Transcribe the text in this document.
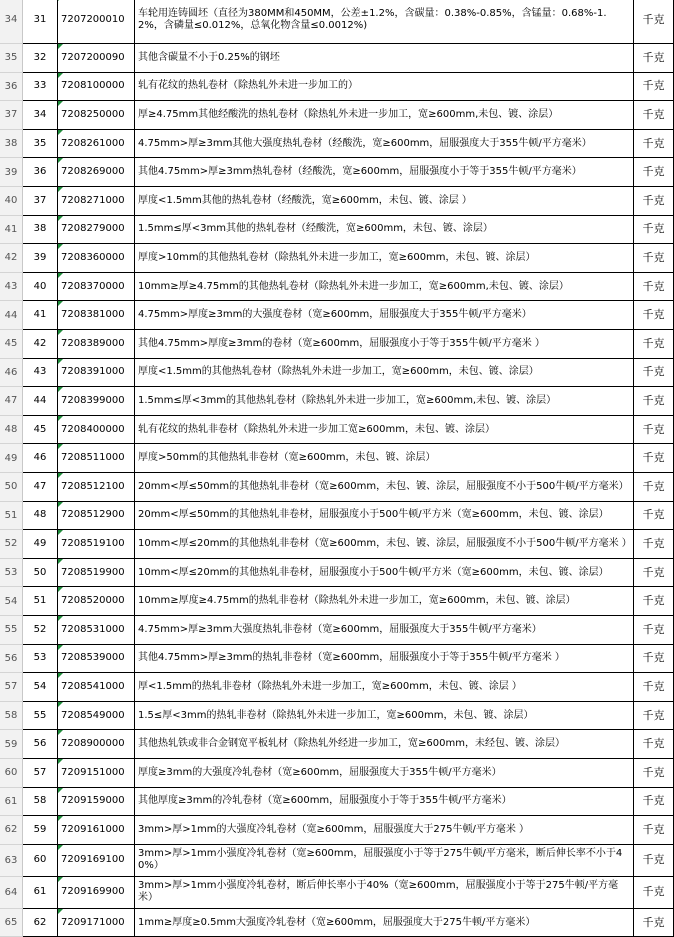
34 31 7207200010
车轮用连铸圆坯（直径为380MM和450MM，公差±1.2%，含碳量：0.38%-0.85%，含锰量：0.68%-1.2%，含磷量≤0.012%，总氧化物含量≤0.0012%)	千克
35 32 7207200090 其他含碳量不小于0.25%的钢坯	千克
36 33 7208100000 轧有花纹的热轧卷材（除热轧外未进一步加工的）	千克
37 34 7208250000 厚≥4.75mm其他经酸洗的热轧卷材（除热轧外未进一步加工，宽≥600mm,未包、镀、涂层）	千克
38 35 7208261000 4.75mm>厚≥3mm其他大强度热轧卷材（经酸洗，宽≥600mm，屈服强度大于355牛顿/平方毫米）	千克
39 36 7208269000 其他4.75mm>厚≥3mm热轧卷材（经酸洗，宽≥600mm，屈服强度小于等于355牛顿/平方毫米）	千克
40 37 7208271000 厚度<1.5mm其他的热轧卷材（经酸洗，宽≥600mm，未包、镀、涂层 ）	千克
41 38 7208279000 1.5mm≤厚<3mm其他的热轧卷材（经酸洗，宽≥600mm，未包、镀、涂层）	千克
42 39 7208360000 厚度>10mm的其他热轧卷材（除热轧外未进一步加工，宽≥600mm，未包、镀、涂层）	千克
43 40 7208370000 10mm≥厚≥4.75mm的其他热轧卷材（除热轧外未进一步加工，宽≥600mm,未包、镀、涂层）	千克
44 41 7208381000 4.75mm>厚度≥3mm的大强度卷材（宽≥600mm，屈服强度大于355牛顿/平方毫米）	千克
45 42 7208389000 其他4.75mm>厚度≥3mm的卷材（宽≥600mm，屈服强度小于等于355牛顿/平方毫米 ）	千克
46 43 7208391000 厚度<1.5mm的其他热轧卷材（除热轧外未进一步加工，宽≥600mm，未包、镀、涂层）	千克
47 44 7208399000 1.5mm≤厚<3mm的其他热轧卷材（除热轧外未进一步加工，宽≥600mm,未包、镀、涂层）	千克
48 45 7208400000 轧有花纹的热轧非卷材（除热轧外未进一步加工宽≥600mm，未包、镀、涂层）	千克
49 46 7208511000 厚度>50mm的其他热轧非卷材（宽≥600mm，未包、镀、涂层）	千克
50 47 7208512100 20mm<厚≤50mm的其他热轧非卷材（宽≥600mm，未包、镀、涂层，屈服强度不小于500牛顿/平方毫米） 千克
51 48 7208512900 20mm<厚≤50mm的其他热轧非卷材，屈服强度小于500牛顿/平方米（宽≥600mm，未包、镀、涂层）	千克
52 49 7208519100 10mm<厚≤20mm的其他热轧非卷材（宽≥600mm，未包、镀、涂层，屈服强度不小于500牛顿/平方毫米 ） 千克
53 50 7208519900 10mm<厚≤20mm的其他热轧非卷材，屈服强度小于500牛顿/平方米（宽≥600mm，未包、镀、涂层）	千克
54 51 7208520000 10mm≥厚度≥4.75mm的热轧非卷材（除热轧外未进一步加工，宽≥600mm，未包、镀、涂层）	千克
55 52 7208531000 4.75mm>厚≥3mm大强度热轧非卷材（宽≥600mm，屈服强度大于355牛顿/平方毫米）	千克
56 53 7208539000 其他4.75mm>厚≥3mm的热轧非卷材（宽≥600mm，屈服强度小于等于355牛顿/平方毫米 ）	千克
57 54 7208541000 厚<1.5mm的热轧非卷材（除热轧外未进一步加工，宽≥600mm，未包、镀、涂层 ）	千克
58 55 7208549000 1.5≤厚<3mm的热轧非卷材（除热轧外未进一步加工，宽≥600mm，未包、镀、涂层）	千克
59 56 7208900000 其他热轧铁或非合金钢宽平板轧材（除热轧外经进一步加工，宽≥600mm，未经包、镀、涂层）	千克
60 57 7209151000 厚度≥3mm的大强度冷轧卷材（宽≥600mm，屈服强度大于355牛顿/平方毫米）	千克
61 58 7209159000 其他厚度≥3mm的冷轧卷材（宽≥600mm，屈服强度小于等于355牛顿/平方毫米）	千克
62 59 7209161000 3mm>厚>1mm的大强度冷轧卷材（宽≥600mm，屈服强度大于275牛顿/平方毫米 ）	千克
63 60 7209169100
3mm>厚>1mm小强度冷轧卷材（宽≥600mm，屈服强度小于等于275牛顿/平方毫米，断后伸长率不小于40%）	千克
64 61 7209169900
3mm>厚>1mm小强度冷轧卷材，断后伸长率小于40%（宽≥600mm，屈服强度小于等于275牛顿/平方毫米）	千克
65 62 7209171000 1mm≥厚度≥0.5mm大强度冷轧卷材（宽≥600mm，屈服强度大于275牛顿/平方毫米）	千克
